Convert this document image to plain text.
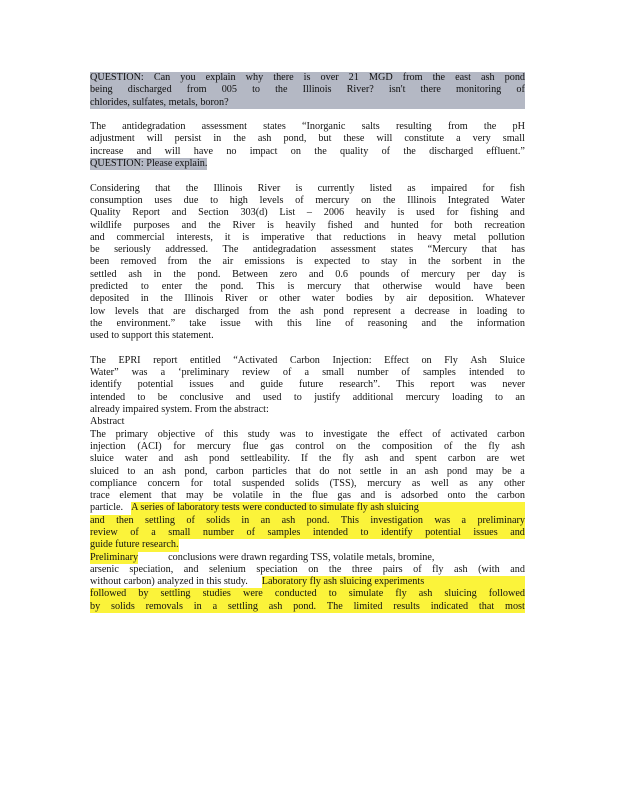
QUESTION: Can you explain why there is over 21 MGD from the east ash pond
being discharged from 005 to the Illinois River? isn't there monitoring of
chlorides, sulfates, metals, boron?
The antidegradation assessment states “Inorganic salts resulting from the pH
adjustment will persist in the ash pond, but these will constitute a very small
increase and will have no impact on the quality of the discharged effluent.”
QUESTION: Please explain.
Considering that the Illinois River is currently listed as impaired for fish
consumption uses due to high levels of mercury on the Illinois Integrated Water
Quality Report and Section 303(d) List – 2006 heavily is used for fishing and
wildlife purposes and the River is heavily fished and hunted for both recreation
and commercial interests, it is imperative that reductions in heavy metal pollution
be seriously addressed. The antidegradation assessment states “Mercury that has
been removed from the air emissions is expected to stay in the sorbent in the
settled ash in the pond. Between zero and 0.6 pounds of mercury per day is
predicted to enter the pond. This is mercury that otherwise would have been
deposited in the Illinois River or other water bodies by air deposition. Whatever
low levels that are discharged from the ash pond represent a decrease in loading to
the environment.” take issue with this line of reasoning and the information
used to support this statement.
The EPRI report entitled “Activated Carbon Injection: Effect on Fly Ash Sluice
Water” was a ‘preliminary review of a small number of samples intended to
identify potential issues and guide future research”. This report was never
intended to be conclusive and used to justify additional mercury loading to an
already impaired system. From the abstract:
Abstract
The primary objective of this study was to investigate the effect of activated carbon
injection (ACI) for mercury flue gas control on the composition of the fly ash
sluice water and ash pond settleability. If the fly ash and spent carbon are wet
sluiced to an ash pond, carbon particles that do not settle in an ash pond may be a
compliance concern for total suspended solids (TSS), mercury as well as any other
trace element that may be volatile in the flue gas and is adsorbed onto the carbon
particle. A series of laboratory tests were conducted to simulate fly ash sluicing
and then settling of solids in an ash pond. This investigation was a preliminary
review of a small number of samples intended to identify potential issues and
guide future research.
Preliminary	conclusions were drawn regarding TSS, volatile metals, bromine,
arsenic speciation, and selenium speciation on the three pairs of fly ash (with and
without carbon) analyzed in this study. Laboratory fly ash sluicing experiments
followed by settling studies were conducted to simulate fly ash sluicing followed
by solids removals in a settling ash pond. The limited results indicated that most
